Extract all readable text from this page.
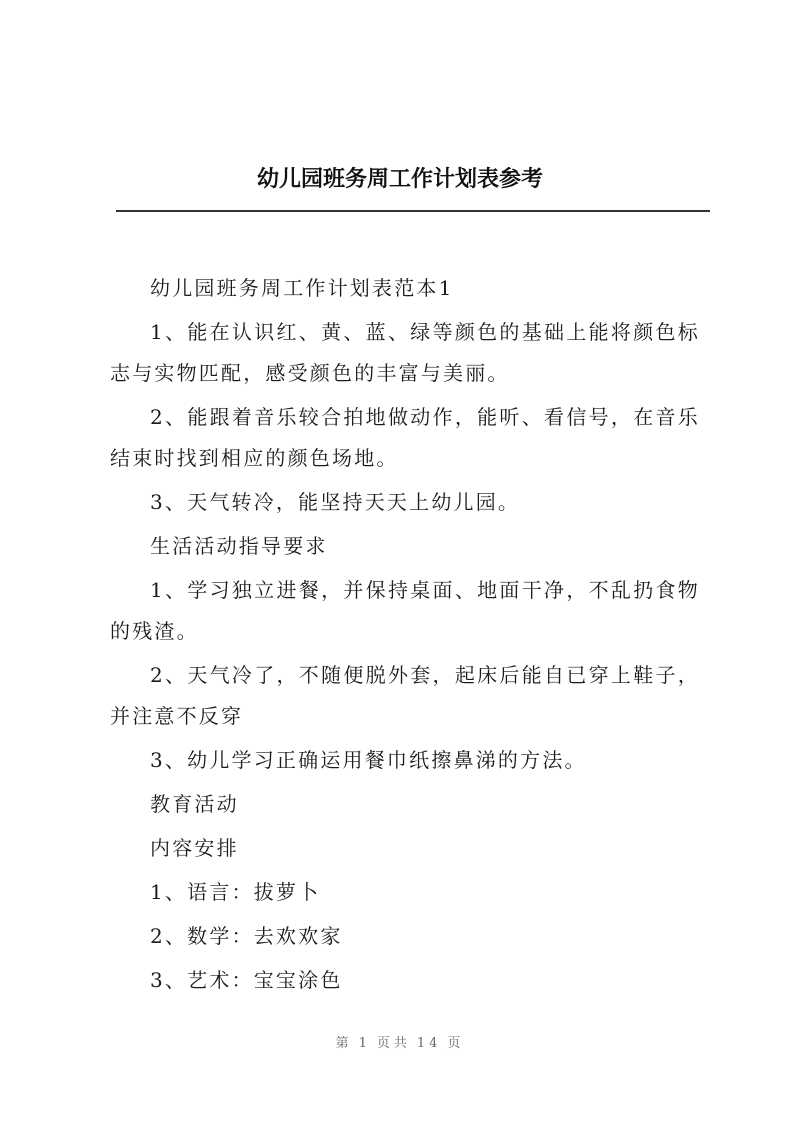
幼儿园班务周工作计划表参考

幼儿园班务周工作计划表范本1

1、能在认识红、黄、蓝、绿等颜色的基础上能将颜色标志与实物匹配，感受颜色的丰富与美丽。

2、能跟着音乐较合拍地做动作，能听、看信号，在音乐结束时找到相应的颜色场地。

3、天气转冷，能坚持天天上幼儿园。

生活活动指导要求

1、学习独立进餐，并保持桌面、地面干净，不乱扔食物的残渣。

2、天气冷了，不随便脱外套，起床后能自已穿上鞋子，并注意不反穿

3、幼儿学习正确运用餐巾纸擦鼻涕的方法。

教育活动

内容安排

1、语言：拔萝卜

2、数学：去欢欢家

3、艺术：宝宝涂色

第 1 页共 14 页
